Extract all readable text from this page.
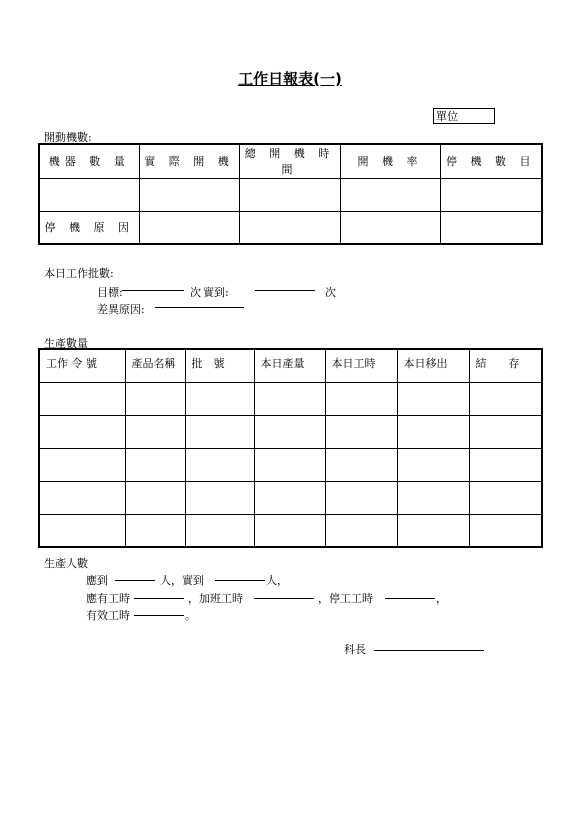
工作日報表(一)
單位
開動機數:
機器 數 量	實 際 開 機	總 開 機 時 間	開 機 率	停 機 數 目

停 機 原 因				
本日工作批數:
目標:	次 實到:	次
差異原因:
生產數量
工作 令 號	產品名稱	批　號	本日產量	本日工時	本日移出	結　　存

生產人數
應到	人，實到	人，
應有工時	，加班工時	，停工工時	，
有效工時	。
科長
